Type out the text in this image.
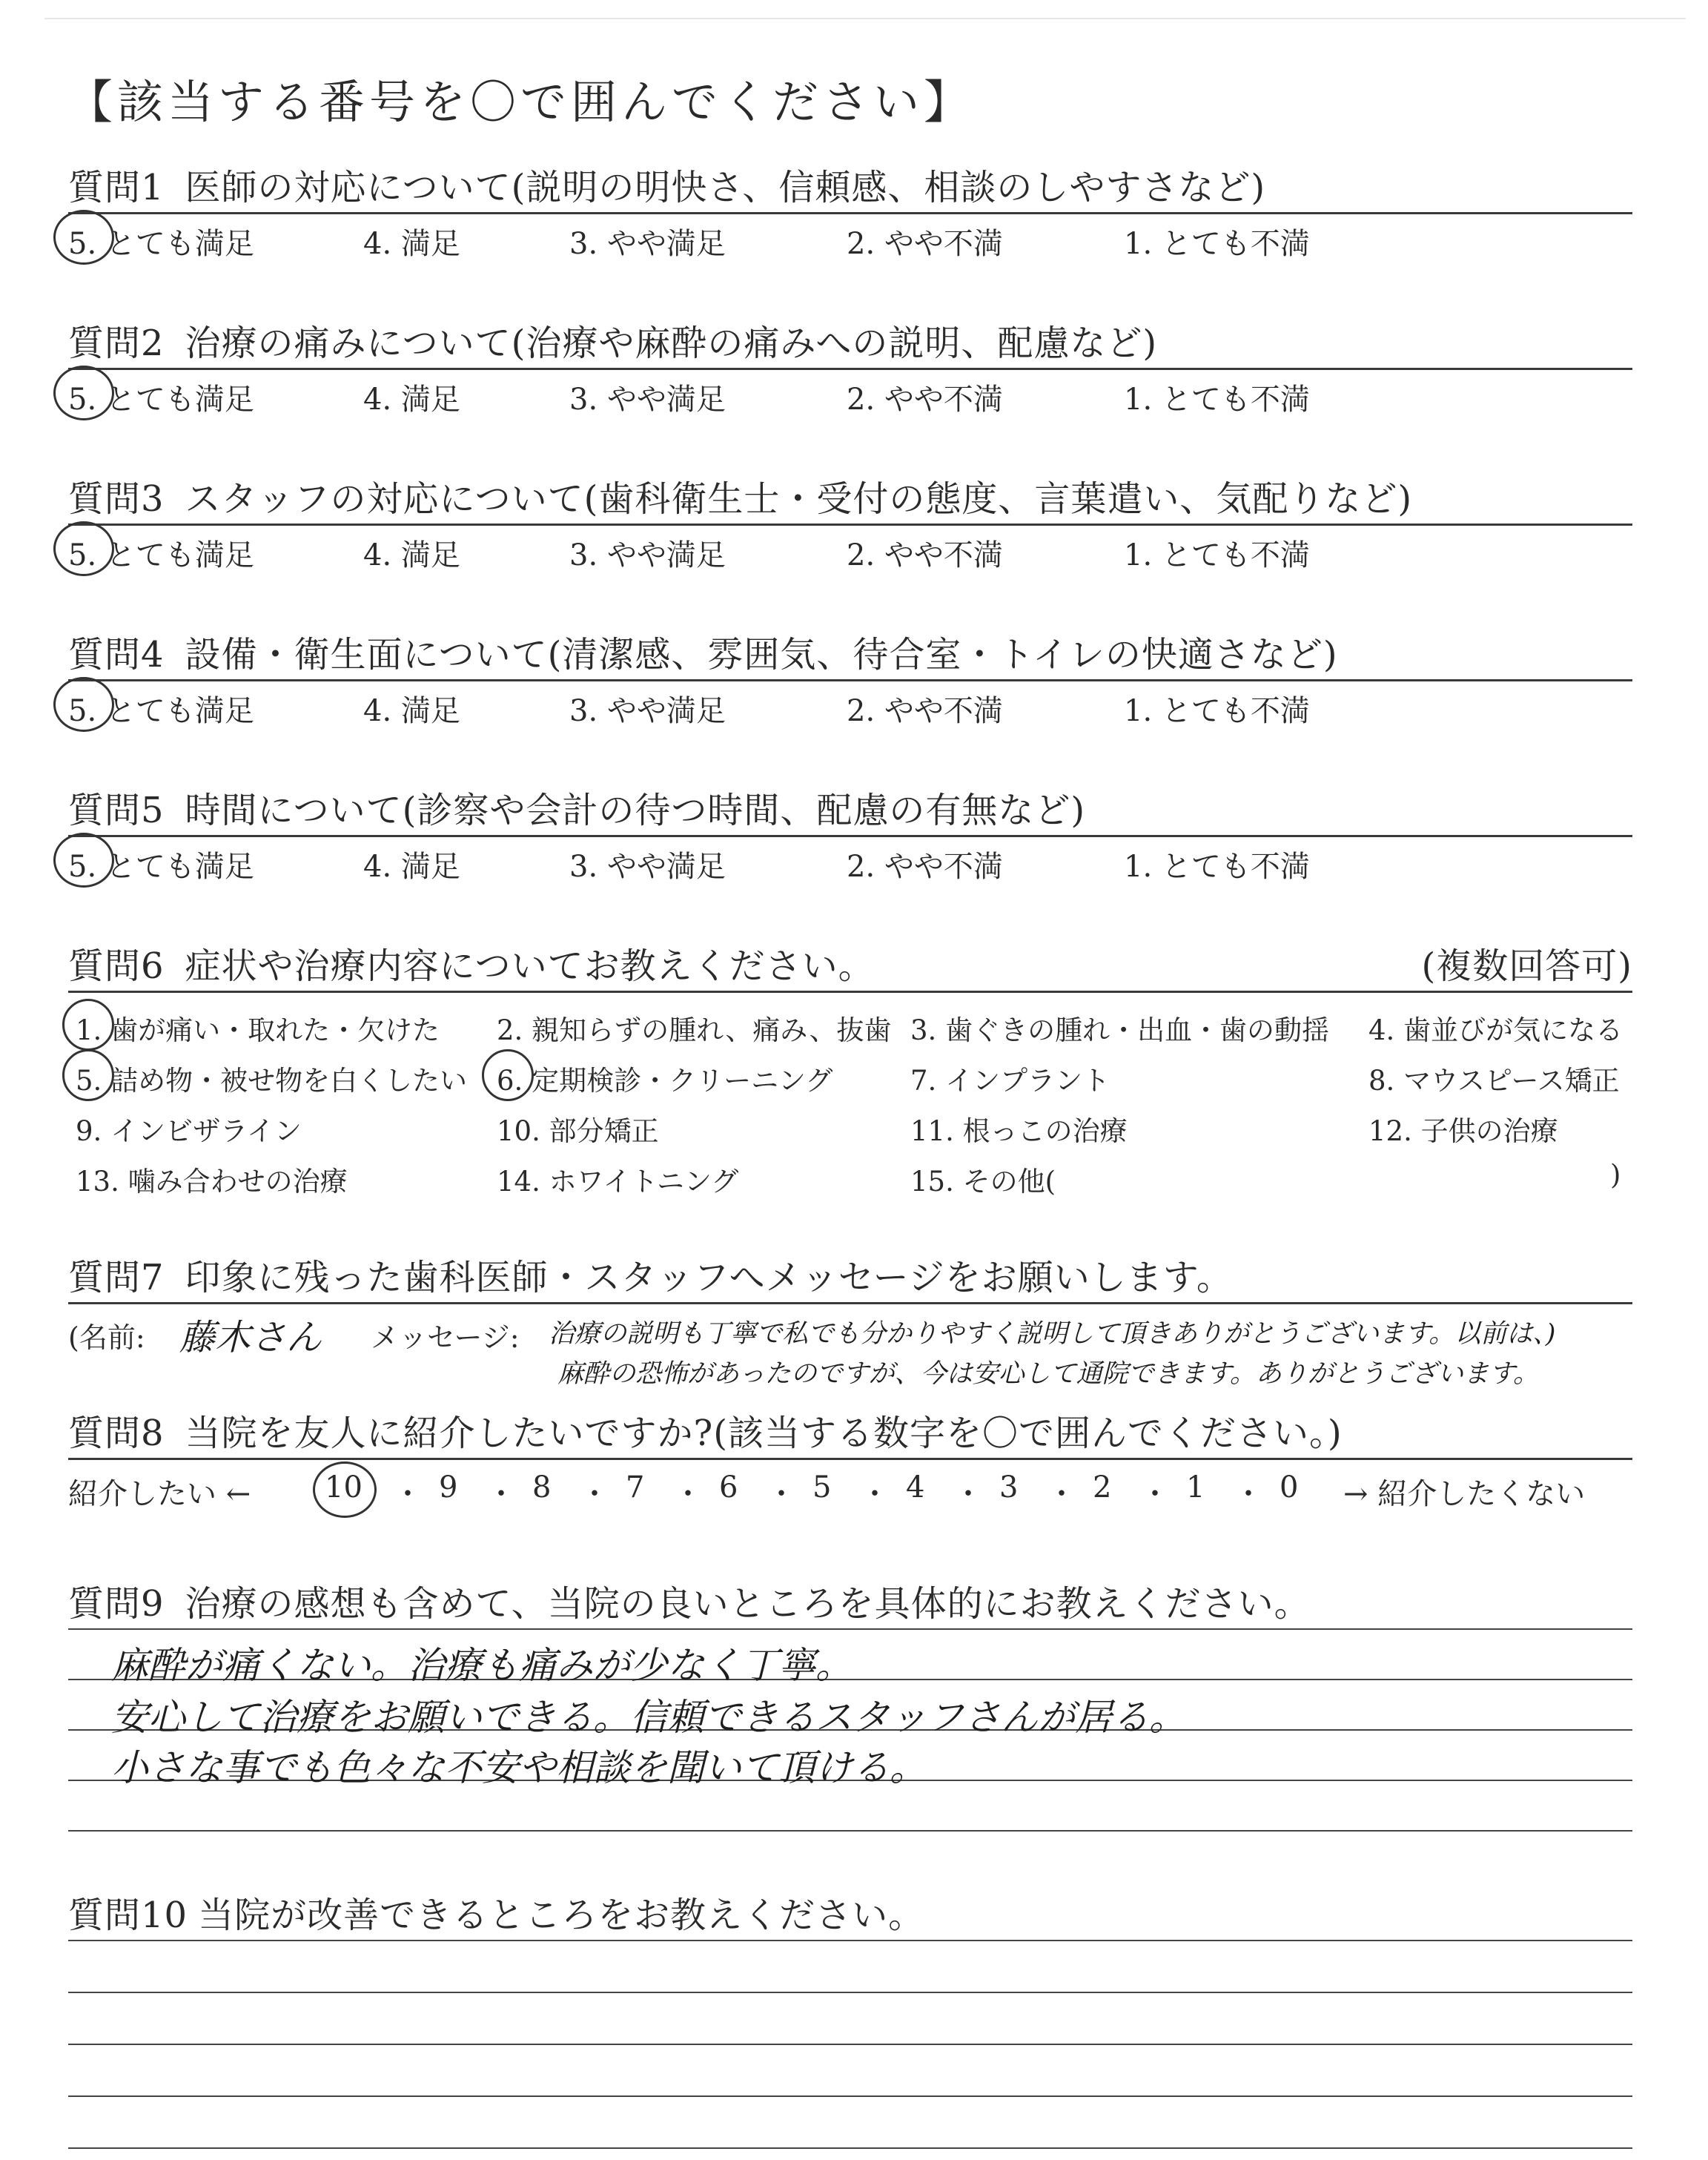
【該当する番号を〇で囲んでください】
質問1 医師の対応について(説明の明快さ、信頼感、相談のしやすさなど)
5. とても満足	4. 満足	3. やや満足	2. やや不満	1. とても不満
質問2 治療の痛みについて(治療や麻酔の痛みへの説明、配慮など)
5. とても満足	4. 満足	3. やや満足	2. やや不満	1. とても不満
質問3 スタッフの対応について(歯科衛生士・受付の態度、言葉遣い、気配りなど)
5. とても満足	4. 満足	3. やや満足	2. やや不満	1. とても不満
質問4 設備・衛生面について(清潔感、雰囲気、待合室・トイレの快適さなど)
5. とても満足	4. 満足	3. やや満足	2. やや不満	1. とても不満
質問5 時間について(診察や会計の待つ時間、配慮の有無など)
5. とても満足	4. 満足	3. やや満足	2. やや不満	1. とても不満
質問6 症状や治療内容についてお教えください。	(複数回答可)
1. 歯が痛い・取れた・欠けた 2. 親知らずの腫れ、痛み、抜歯 3. 歯ぐきの腫れ・出血・歯の動揺 4. 歯並びが気になる
5. 詰め物・被せ物を白くしたい 6. 定期検診・クリーニング	7. インプラント	8. マウスピース矯正
9. インビザライン	10. 部分矯正	11. 根っこの治療	12. 子供の治療
13. 噛み合わせの治療	14. ホワイトニング	15. その他(	)
質問7 印象に残った歯科医師・スタッフへメッセージをお願いします。
(名前: 藤木さん メッセージ: 治療の説明も丁寧で私でも分かりやすく説明して頂きありがとうございます。以前は、)
麻酔の恐怖があったのですが、今は安心して通院できます。ありがとうございます。
質問8 当院を友人に紹介したいですか?(該当する数字を〇で囲んでください。)
紹介したい ← 10 ・ 9 ・ 8 ・ 7 ・ 6 ・ 5 ・ 4 ・ 3 ・ 2 ・ 1 ・ 0 → 紹介したくない
質問9 治療の感想も含めて、当院の良いところを具体的にお教えください。
麻酔が痛くない。治療も痛みが少なく丁寧。
安心して治療をお願いできる。信頼できるスタッフさんが居る。
小さな事でも色々な不安や相談を聞いて頂ける。
質問10 当院が改善できるところをお教えください。
